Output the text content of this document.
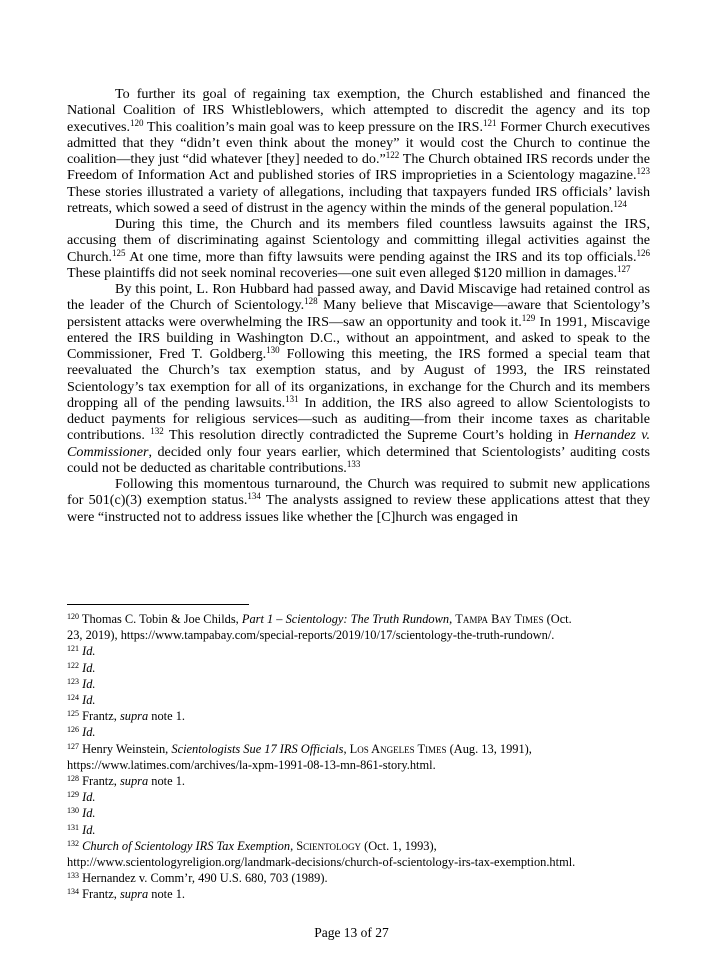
To further its goal of regaining tax exemption, the Church established and financed the National Coalition of IRS Whistleblowers, which attempted to discredit the agency and its top executives.$^{120}$ This coalition’s main goal was to keep pressure on the IRS.$^{121}$ Former Church executives admitted that they “didn’t even think about the money” it would cost the Church to continue the coalition—they just “did whatever [they] needed to do.”$^{122}$ The Church obtained IRS records under the Freedom of Information Act and published stories of IRS improprieties in a Scientology magazine.$^{123}$ These stories illustrated a variety of allegations, including that taxpayers funded IRS officials’ lavish retreats, which sowed a seed of distrust in the agency within the minds of the general population.$^{124}$

During this time, the Church and its members filed countless lawsuits against the IRS, accusing them of discriminating against Scientology and committing illegal activities against the Church.$^{125}$ At one time, more than fifty lawsuits were pending against the IRS and its top officials.$^{126}$ These plaintiffs did not seek nominal recoveries—one suit even alleged $120 million in damages.$^{127}$

By this point, L. Ron Hubbard had passed away, and David Miscavige had retained control as the leader of the Church of Scientology.$^{128}$ Many believe that Miscavige—aware that Scientology’s persistent attacks were overwhelming the IRS—saw an opportunity and took it.$^{129}$ In 1991, Miscavige entered the IRS building in Washington D.C., without an appointment, and asked to speak to the Commissioner, Fred T. Goldberg.$^{130}$ Following this meeting, the IRS formed a special team that reevaluated the Church’s tax exemption status, and by August of 1993, the IRS reinstated Scientology’s tax exemption for all of its organizations, in exchange for the Church and its members dropping all of the pending lawsuits.$^{131}$ In addition, the IRS also agreed to allow Scientologists to deduct payments for religious services—such as auditing—from their income taxes as charitable contributions. $^{132}$ This resolution directly contradicted the Supreme Court’s holding in Hernandez v. Commissioner, decided only four years earlier, which determined that Scientologists’ auditing costs could not be deducted as charitable contributions.$^{133}$

Following this momentous turnaround, the Church was required to submit new applications for 501(c)(3) exemption status.$^{134}$ The analysts assigned to review these applications attest that they were “instructed not to address issues like whether the [C]hurch was engaged in

$^{120}$ Thomas C. Tobin & Joe Childs, Part 1 – Scientology: The Truth Rundown, Tampa Bay Times (Oct.
23, 2019), https://www.tampabay.com/special-reports/2019/10/17/scientology-the-truth-rundown/.

$^{121}$ Id.

$^{122}$ Id.

$^{123}$ Id.

$^{124}$ Id.

$^{125}$ Frantz, supra note 1.

$^{126}$ Id.

$^{127}$ Henry Weinstein, Scientologists Sue 17 IRS Officials, Los Angeles Times (Aug. 13, 1991),
https://www.latimes.com/archives/la-xpm-1991-08-13-mn-861-story.html.

$^{128}$ Frantz, supra note 1.

$^{129}$ Id.

$^{130}$ Id.

$^{131}$ Id.

$^{132}$ Church of Scientology IRS Tax Exemption, Scientology (Oct. 1, 1993),
http://www.scientologyreligion.org/landmark-decisions/church-of-scientology-irs-tax-exemption.html.

$^{133}$ Hernandez v. Comm’r, 490 U.S. 680, 703 (1989).

$^{134}$ Frantz, supra note 1.

Page 13 of 27
